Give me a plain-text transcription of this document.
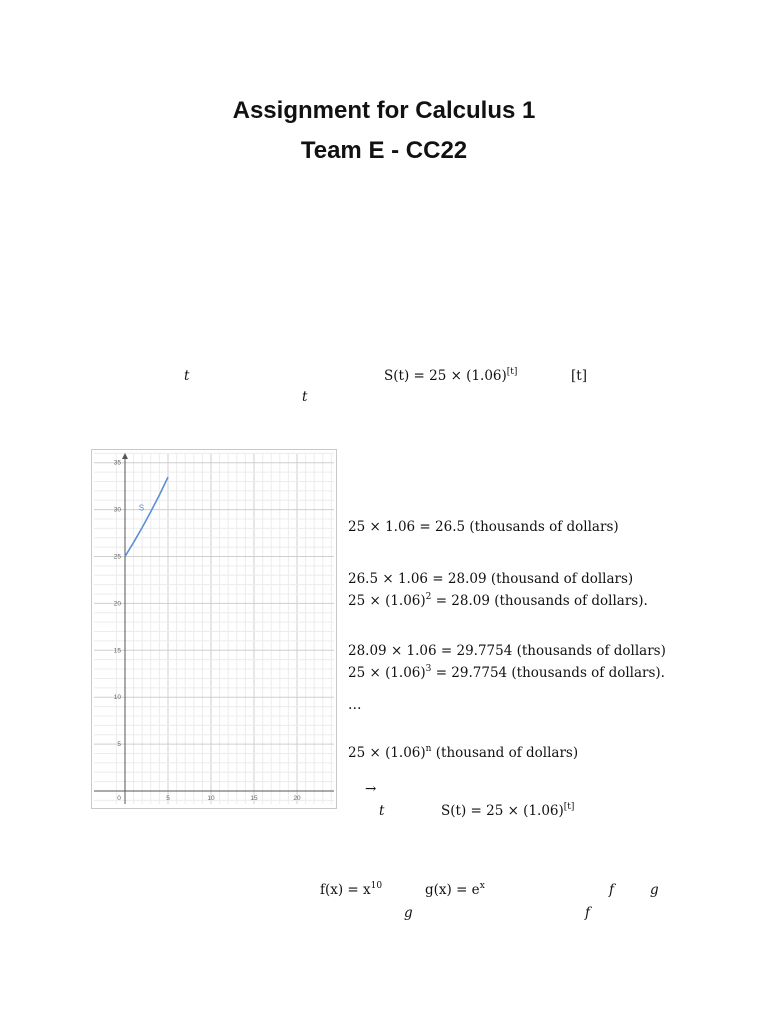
Assignment for Calculus 1
Team E - CC22
t	S(t) = 25 × (1.06)[t]	[t]
t
0	5	10	15	20
5
10
15
20
25
30
35
S
25 × 1.06 = 26.5 (thousands of dollars)
26.5 × 1.06 = 28.09 (thousand of dollars)
$25 \times (1.06)^2 = 28.09$ (thousands of dollars).
28.09 × 1.06 = 29.7754 (thousands of dollars)
$25 \times (1.06)^3 = 29.7754$ (thousands of dollars).
…
$25 \times (1.06)^n$ (thousand of dollars)
→
t	S(t) = 25 × (1.06)[t]
$f(x) = x^{10}$	$g(x) = e^x$	f	g
g	f
